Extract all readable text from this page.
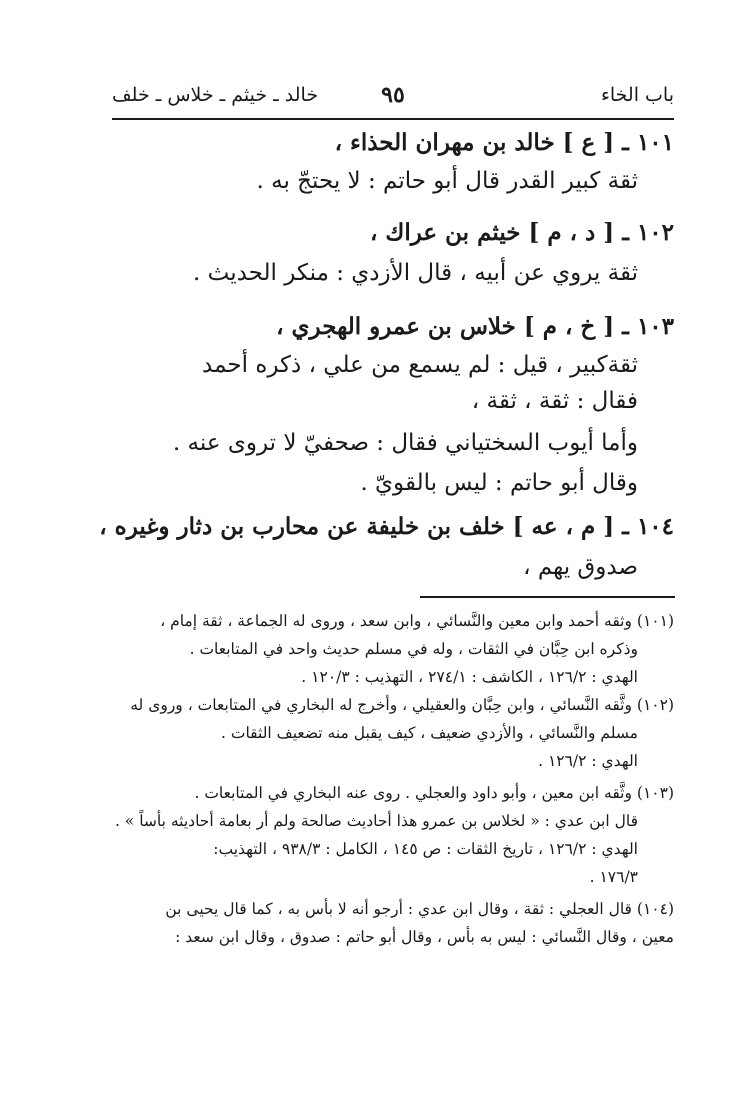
باب الخاء
٩٥
خالد ـ خيثم ـ خلاس ـ خلف
١٠١ ـ [ ع ] خالد بن مهران الحذاء ،
ثقة كبير القدر قال أبو حاتم : لا يحتجّ به .
١٠٢ ـ [ د ، م ] خيثم بن عراك ،
ثقة يروي عن أبيه ، قال الأزدي : منكر الحديث .
١٠٣ ـ [ خ ، م ] خلاس بن عمرو الهجري ،
ثقةكبير ، قيل : لم يسمع من علي ، ذكره أحمد
فقال : ثقة ، ثقة ،
وأما أيوب السختياني فقال : صحفيّ لا تروى عنه .
وقال أبو حاتم : ليس بالقويّ .
١٠٤ ـ [ م ، عه ] خلف بن خليفة عن محارب بن دثار وغيره ،
صدوق يهم ،
(١٠١) وثقه أحمد وابن معين والنَّسائي ، وابن سعد ، وروى له الجماعة ، ثقة إمام ،
وذكره ابن حِبَّان في الثقات ، وله في مسلم حديث واحد في المتابعات .
الهدي : ١٢٦/٢ ، الكاشف : ٢٧٤/١ ، التهذيب : ١٢٠/٣ .
(١٠٢) وثَّقه النَّسائي ، وابن حِبَّان والعقيلي ، وأخرج له البخاري في المتابعات ، وروى له
مسلم والنَّسائي ، والأزدي ضعيف ، كيف يقبل منه تضعيف الثقات .
الهدي : ١٢٦/٢ .
(١٠٣) وثَّقه ابن معين ، وأبو داود والعجلي . روى عنه البخاري في المتابعات .
قال ابن عدي : « لخلاس بن عمرو هذا أحاديث صالحة ولم أر بعامة أحاديثه بأساً » .
الهدي : ١٢٦/٢ ، تاريخ الثقات : ص ١٤٥ ، الكامل : ٩٣٨/٣ ، التهذيب:
١٧٦/٣ .
(١٠٤) قال العجلي : ثقة ، وقال ابن عدي : أرجو أنه لا بأس به ، كما قال يحيى بن
معين ، وقال النَّسائي : ليس به بأس ، وقال أبو حاتم : صدوق ، وقال ابن سعد :
